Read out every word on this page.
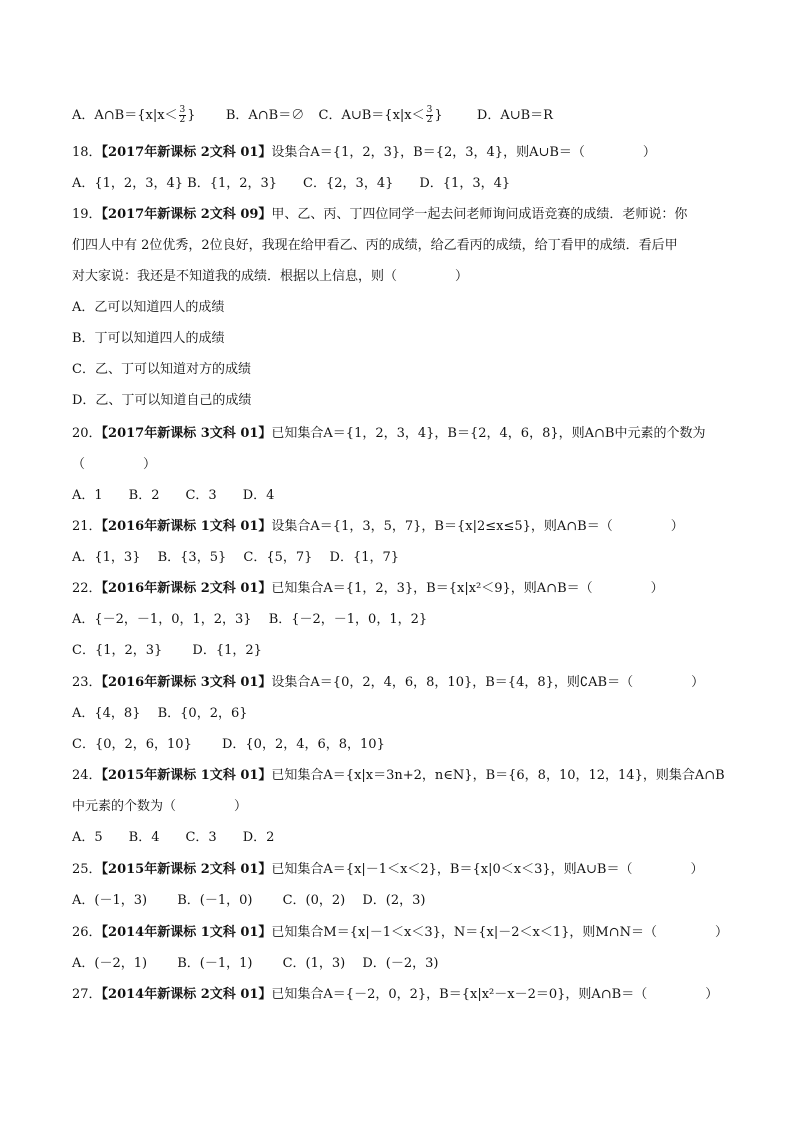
A．A∩B＝{x|x＜ $\frac{3}{2}$ } B．A∩B＝∅ C．A∪B＝{x|x＜ $\frac{3}{2}$ }	D．A∪B＝R
18．【2017年新课标 2文科 01】设集合A＝{1，2，3}，B＝{2，3，4}，则A∪B＝（	）
A．{1，2，3，4} B．{1，2，3}　　C．{2，3，4}　　D．{1，3，4}
19．【2017年新课标 2文科 09】甲、乙、丙、丁四位同学一起去问老师询问成语竞赛的成绩．老师说：你
们四人中有 2位优秀，2位良好，我现在给甲看乙、丙的成绩，给乙看丙的成绩，给丁看甲的成绩．看后甲
对大家说：我还是不知道我的成绩．根据以上信息，则（	）
A．乙可以知道四人的成绩
B．丁可以知道四人的成绩
C．乙、丁可以知道对方的成绩
D．乙、丁可以知道自己的成绩
20．【2017年新课标 3文科 01】已知集合A＝{1，2，3，4}，B＝{2，4，6，8}，则A∩B中元素的个数为
（	）
A．1　　B．2　　C．3　　D．4
21．【2016年新课标 1文科 01】设集合A＝{1，3，5，7}，B＝{x|2≤x≤5}，则A∩B＝（	）
A．{1，3}　 B．{3，5}　 C．{5，7}　 D．{1，7}
22．【2016年新课标 2文科 01】已知集合A＝{1，2，3}，B＝{x|x²＜9}，则A∩B＝（	）
A．{－2，－1，0，1，2，3}　 B．{－2，－1，0，1，2}
C．{1，2，3}　　 D．{1，2}
23．【2016年新课标 3文科 01】设集合A＝{0，2，4，6，8，10}，B＝{4，8}，则∁AB＝（	）
A．{4，8}　 B．{0，2，6}
C．{0，2，6，10}　　 D．{0，2，4，6，8，10}
24．【2015年新课标 1文科 01】已知集合A＝{x|x＝3n+2，n∈N}，B＝{6，8，10，12，14}，则集合A∩B
中元素的个数为（	）
A．5　　B．4　　C．3　　D．2
25．【2015年新课标 2文科 01】已知集合A＝{x|－1＜x＜2}，B＝{x|0＜x＜3}，则A∪B＝（	）
A．(－1，3)　　 B．(－1，0)　　 C．(0，2)　 D．(2，3)
26．【2014年新课标 1文科 01】已知集合M＝{x|－1＜x＜3}，N＝{x|－2＜x＜1}，则M∩N＝（	）
A．(－2，1)　　 B．(－1，1)　　 C．(1，3)　 D．(－2，3)
27．【2014年新课标 2文科 01】已知集合A＝{－2，0，2}，B＝{x|x²－x－2＝0}，则A∩B＝（	）
